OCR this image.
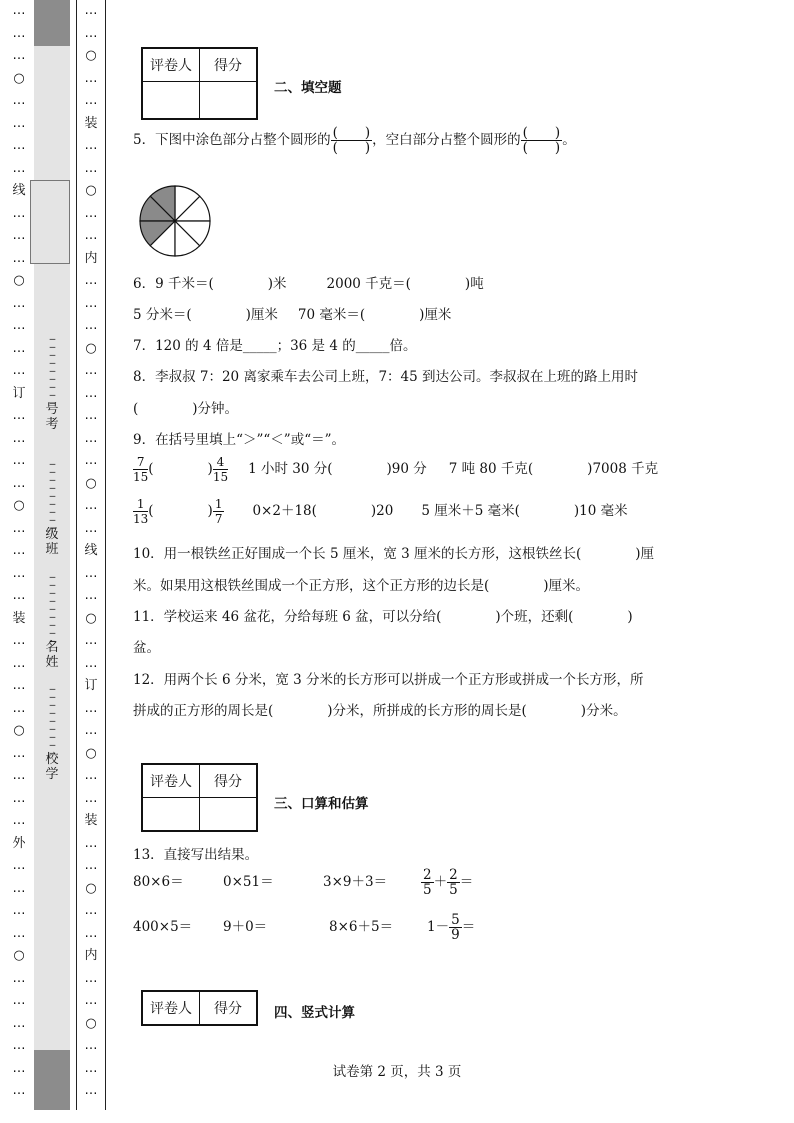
…
…
…
○
…
…
…
…
线
…
…
…
○
…
…
…
…
订
…
…
…
…
○
…
…
…
…
装
…
…
…
…
○
…
…
…
…
外
…
…
…
…
○
…
…
…
…
…
…
_
_
_
_
_
_
_
_
_
号
考
_
_
_
_
_
_
_
_
_
级
班
_
_
_
_
_
_
_
_
_
名
姓
_
_
_
_
_
_
_
_
_
校
学
…
…
○
…
…
装
…
…
○
…
…
内
…
…
…
○
…
…
…
…
…
○
…
…
线
…
…
○
…
…
订
…
…
○
…
…
装
…
…
○
…
…
内
…
…
○
…
…
…
评卷人	得分

二、填空题
5．下图中涂色部分占整个圆形的 $\frac{( )}{( )}$ ，空白部分占整个圆形的 $\frac{( )}{( )}$ 。
6．9 千米＝(　　　　)米	2000 千克＝(　　　　)吨
5 分米＝(　　　　)厘米 70 毫米＝(　　　　)厘米
7．120 的 4 倍是_____；36 是 4 的_____倍。
8．李叔叔 7：20 离家乘车去公司上班，7：45 到达公司。李叔叔在上班的路上用时
(　　　　)分钟。
9．在括号里填上“＞”“＜”或“＝”。
$\frac{7}{15}$ (　　　　) $\frac{4}{15} 1$ 小时 30 分(　　　　)90 分 7 吨 80 千克(　　　　)7008 千克
$\frac{1}{13}$ (　　　　) $\frac{1}{7} 0\times 2+18$(　　　　)20 5 厘米＋5 毫米(　　　　)10 毫米
10．用一根铁丝正好围成一个长 5 厘米，宽 3 厘米的长方形，这根铁丝长(　　　　)厘
米。如果用这根铁丝围成一个正方形，这个正方形的边长是(　　　　)厘米。
11．学校运来 46 盆花，分给每班 6 盆，可以分给(　　　　)个班，还剩(　　　　)
盆。
12．用两个长 6 分米，宽 3 分米的长方形可以拼成一个正方形或拼成一个长方形，所
拼成的正方形的周长是(　　　　)分米，所拼成的长方形的周长是(　　　　)分米。
评卷人	得分

三、口算和估算
13．直接写出结果。
80×6＝	0×51＝	3×9＋3＝	$\frac{2}{5} + \frac{2}{5}$ ＝
400×5＝ 9＋0＝	8×6＋5＝	$1- \frac{5}{9}$ ＝
评卷人	得分 四、竖式计算
试卷第 2 页，共 3 页
